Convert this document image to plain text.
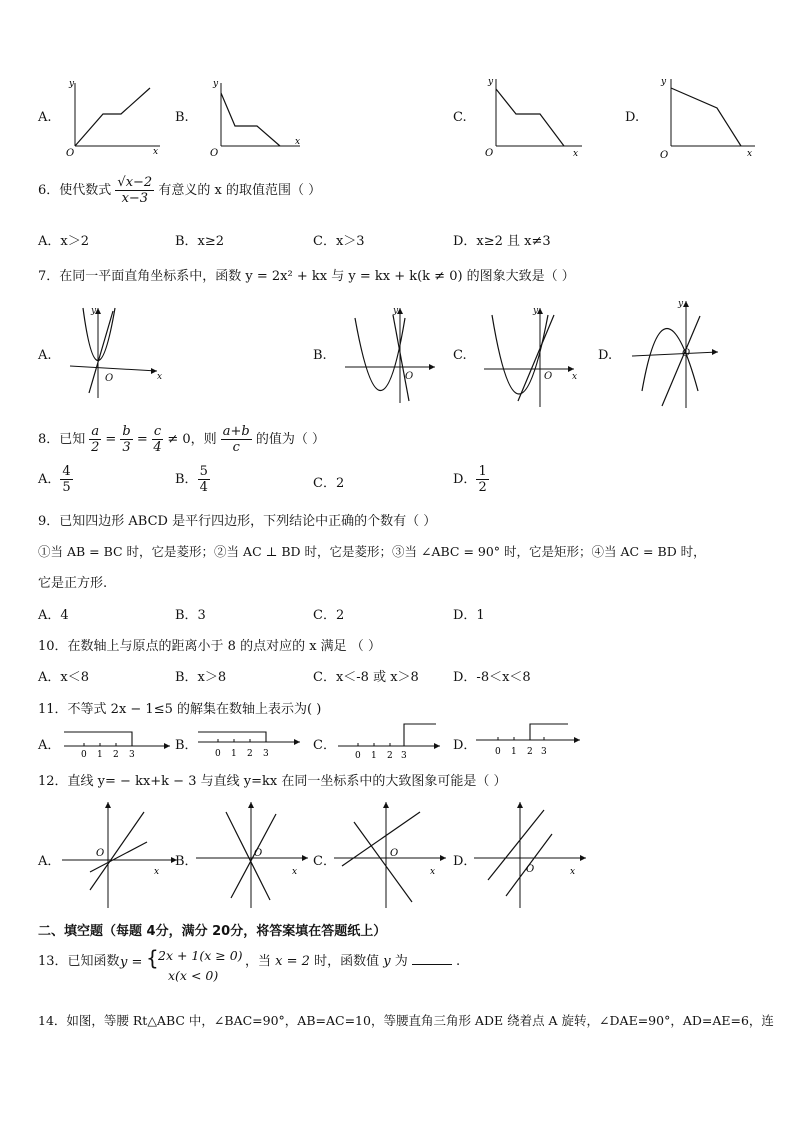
A.
y
x
O
B.
y
x
O
C.
y
x
O
D.
y
x
O
6．使代数式 $\frac{√x-2}{x-3}$ 有意义的 x 的取值范围（ ）
A．x＞2	B．x≥2	C．x＞3	D．x≥2 且 x≠3
7．在同一平面直角坐标系中，函数 y = 2x² + kx 与 y = kx + k(k ≠ 0) 的图象大致是（ ）
A.
y
x
O
B.
y
O
C.
y
x
O
D.
y
O
8．已知 $\frac{a}{2} = \frac{b}{3} = \frac{c}{4} \ne 0$，则 $\frac{a+b}{c}$ 的值为（ ）
A． $\frac{4}{5}$	B． $\frac{5}{4}$	C．2	D． $\frac{1}{2}$
9．已知四边形 ABCD 是平行四边形，下列结论中正确的个数有（ ）
①当 AB = BC 时，它是菱形；②当 AC ⊥ BD 时，它是菱形；③当 ∠ABC = 90° 时，它是矩形；④当 AC = BD 时，
它是正方形.
A．4	B．3	C．2	D．1
10．在数轴上与原点的距离小于 8 的点对应的 x 满足 （ ）
A．x＜8	B．x＞8	C．x＜-8 或 x＞8	D．-8＜x＜8
11．不等式 2x − 1≤5 的解集在数轴上表示为( )
A．
0 1 2 3
B．
0 1 2 3
C．
0 1 2 3
D． 0 1 2 3
12．直线 y= − kx+k − 3 与直线 y=kx 在同一坐标系中的大致图象可能是（ ）
A．
O
x
B．
O
x
C．
O
x
D．
O	x
二、填空题（每题 4分，满分 20分，将答案填在答题纸上）
13．已知函数 y = { 2x + 1(x ≥ 0)
x(x < 0)
，当 x = 2 时，函数值 y 为	.
14．如图，等腰 Rt△ABC 中，∠BAC=90°，AB=AC=10，等腰直角三角形 ADE 绕着点 A 旋转，∠DAE=90°，AD=AE=6，连
